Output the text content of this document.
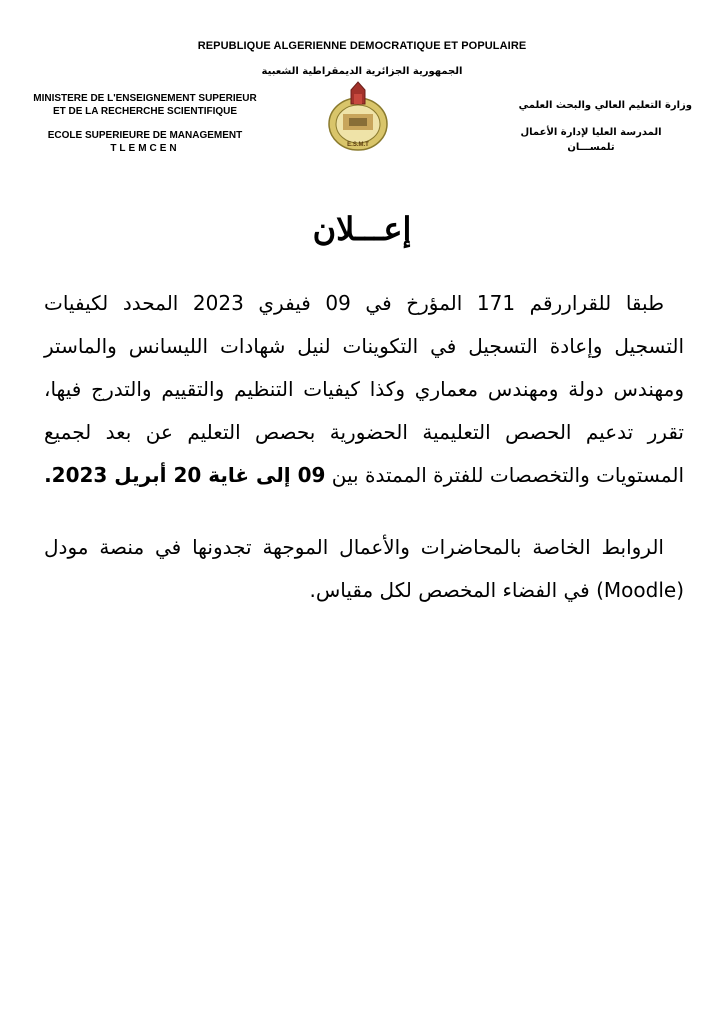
REPUBLIQUE ALGERIENNE DEMOCRATIQUE ET POPULAIRE
الجمهورية الجزائرية الديمقراطية الشعبية
MINISTERE DE L'ENSEIGNEMENT SUPERIEUR
ET DE LA RECHERCHE SCIENTIFIQUE
ECOLE SUPERIEURE DE MANAGEMENT
TLEMCEN	E.S.M.T
وزارة التعليم العالي والبحث العلمي
المدرسة العليا لإدارة الأعمال
تلمســـان
إعـــلان
طبقا للقراررقم 171 المؤرخ في 09 فيفري 2023 المحدد لكيفيات التسجيل وإعادة التسجيل في التكوينات لنيل شهادات الليسانس والماستر ومهندس دولة ومهندس معماري وكذا كيفيات التنظيم والتقييم والتدرج فيها، تقرر تدعيم الحصص التعليمية الحضورية بحصص التعليم عن بعد لجميع المستويات والتخصصات للفترة الممتدة بين 09 إلى غاية 20 أبريل 2023.
الروابط الخاصة بالمحاضرات والأعمال الموجهة تجدونها في منصة مودل (Moodle) في الفضاء المخصص لكل مقياس.
